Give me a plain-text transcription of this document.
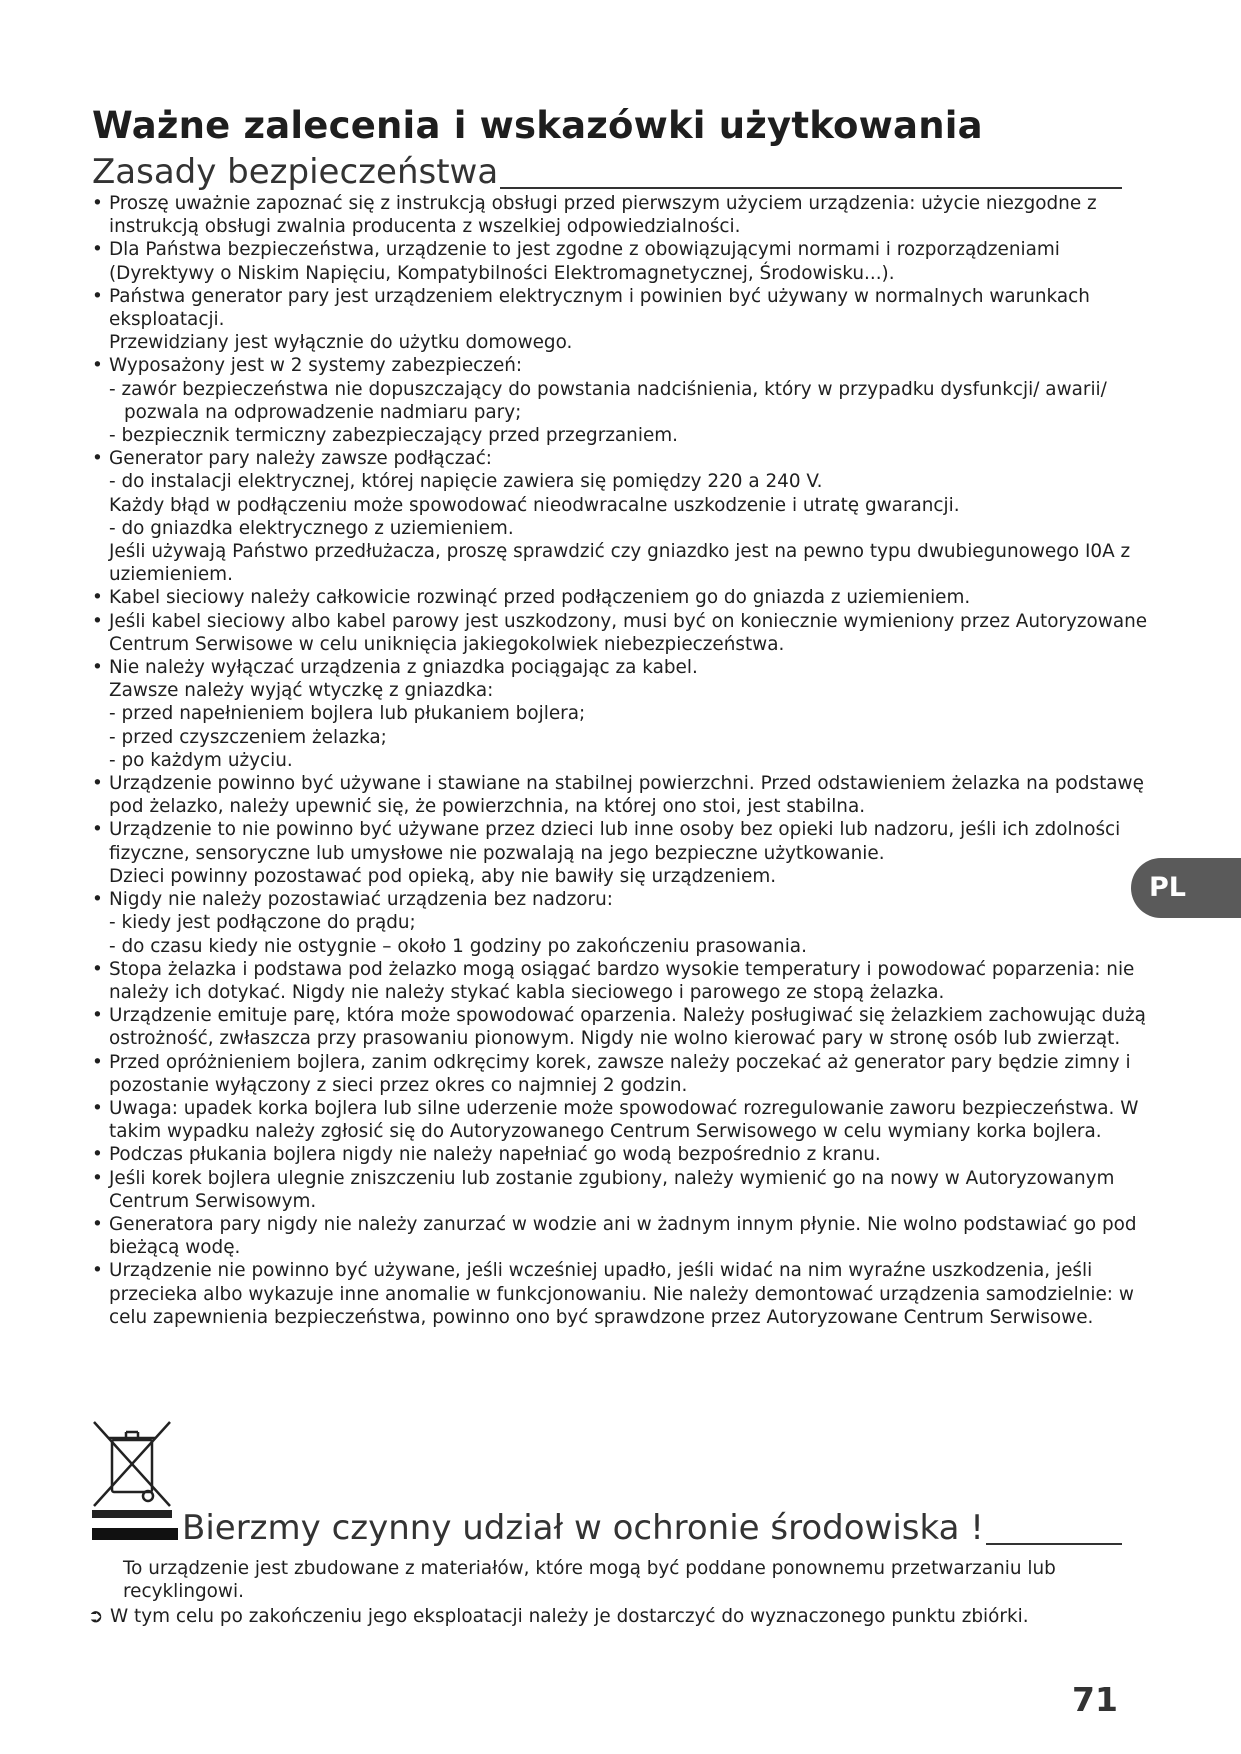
Ważne zalecenia i wskazówki użytkowania
Zasady bezpieczeństwa
• Proszę uważnie zapoznać się z instrukcją obsługi przed pierwszym użyciem urządzenia: użycie niezgodne z instrukcją obsługi zwalnia producenta z wszelkiej odpowiedzialności.
• Dla Państwa bezpieczeństwa, urządzenie to jest zgodne z obowiązującymi normami i rozporządzeniami (Dyrektywy o Niskim Napięciu, Kompatybilności Elektromagnetycznej, Środowisku...).
• Państwa generator pary jest urządzeniem elektrycznym i powinien być używany w normalnych warunkach eksploatacji.
Przewidziany jest wyłącznie do użytku domowego.
• Wyposażony jest w 2 systemy zabezpieczeń:
- zawór bezpieczeństwa nie dopuszczający do powstania nadciśnienia, który w przypadku dysfunkcji/ awarii/ pozwala na odprowadzenie nadmiaru pary;
- bezpiecznik termiczny zabezpieczający przed przegrzaniem.
• Generator pary należy zawsze podłączać:
- do instalacji elektrycznej, której napięcie zawiera się pomiędzy 220 a 240 V.
Każdy błąd w podłączeniu może spowodować nieodwracalne uszkodzenie i utratę gwarancji.
- do gniazdka elektrycznego z uziemieniem.
Jeśli używają Państwo przedłużacza, proszę sprawdzić czy gniazdko jest na pewno typu dwubiegunowego I0A z uziemieniem.
• Kabel sieciowy należy całkowicie rozwinąć przed podłączeniem go do gniazda z uziemieniem.
• Jeśli kabel sieciowy albo kabel parowy jest uszkodzony, musi być on koniecznie wymieniony przez Autoryzowane Centrum Serwisowe w celu uniknięcia jakiegokolwiek niebezpieczeństwa.
• Nie należy wyłączać urządzenia z gniazdka pociągając za kabel.
Zawsze należy wyjąć wtyczkę z gniazdka:
- przed napełnieniem bojlera lub płukaniem bojlera;
- przed czyszczeniem żelazka;
- po każdym użyciu.
• Urządzenie powinno być używane i stawiane na stabilnej powierzchni. Przed odstawieniem żelazka na podstawę pod żelazko, należy upewnić się, że powierzchnia, na której ono stoi, jest stabilna.
• Urządzenie to nie powinno być używane przez dzieci lub inne osoby bez opieki lub nadzoru, jeśli ich zdolności fizyczne, sensoryczne lub umysłowe nie pozwalają na jego bezpieczne użytkowanie.
Dzieci powinny pozostawać pod opieką, aby nie bawiły się urządzeniem.
• Nigdy nie należy pozostawiać urządzenia bez nadzoru:
- kiedy jest podłączone do prądu;
- do czasu kiedy nie ostygnie – około 1 godziny po zakończeniu prasowania.
• Stopa żelazka i podstawa pod żelazko mogą osiągać bardzo wysokie temperatury i powodować poparzenia: nie należy ich dotykać. Nigdy nie należy stykać kabla sieciowego i parowego ze stopą żelazka.
• Urządzenie emituje parę, która może spowodować oparzenia. Należy posługiwać się żelazkiem zachowując dużą ostrożność, zwłaszcza przy prasowaniu pionowym. Nigdy nie wolno kierować pary w stronę osób lub zwierząt.
• Przed opróżnieniem bojlera, zanim odkręcimy korek, zawsze należy poczekać aż generator pary będzie zimny i pozostanie wyłączony z sieci przez okres co najmniej 2 godzin.
• Uwaga: upadek korka bojlera lub silne uderzenie może spowodować rozregulowanie zaworu bezpieczeństwa. W takim wypadku należy zgłosić się do Autoryzowanego Centrum Serwisowego w celu wymiany korka bojlera.
• Podczas płukania bojlera nigdy nie należy napełniać go wodą bezpośrednio z kranu.
• Jeśli korek bojlera ulegnie zniszczeniu lub zostanie zgubiony, należy wymienić go na nowy w Autoryzowanym Centrum Serwisowym.
• Generatora pary nigdy nie należy zanurzać w wodzie ani w żadnym innym płynie. Nie wolno podstawiać go pod bieżącą wodę.
• Urządzenie nie powinno być używane, jeśli wcześniej upadło, jeśli widać na nim wyraźne uszkodzenia, jeśli przecieka albo wykazuje inne anomalie w funkcjonowaniu. Nie należy demontować urządzenia samodzielnie: w celu zapewnienia bezpieczeństwa, powinno ono być sprawdzone przez Autoryzowane Centrum Serwisowe.
PL
Bierzmy czynny udział w ochronie środowiska !

To urządzenie jest zbudowane z materiałów, które mogą być poddane ponownemu przetwarzaniu lub recyklingowi.

➲ W tym celu po zakończeniu jego eksploatacji należy je dostarczyć do wyznaczonego punktu zbiórki.
71
